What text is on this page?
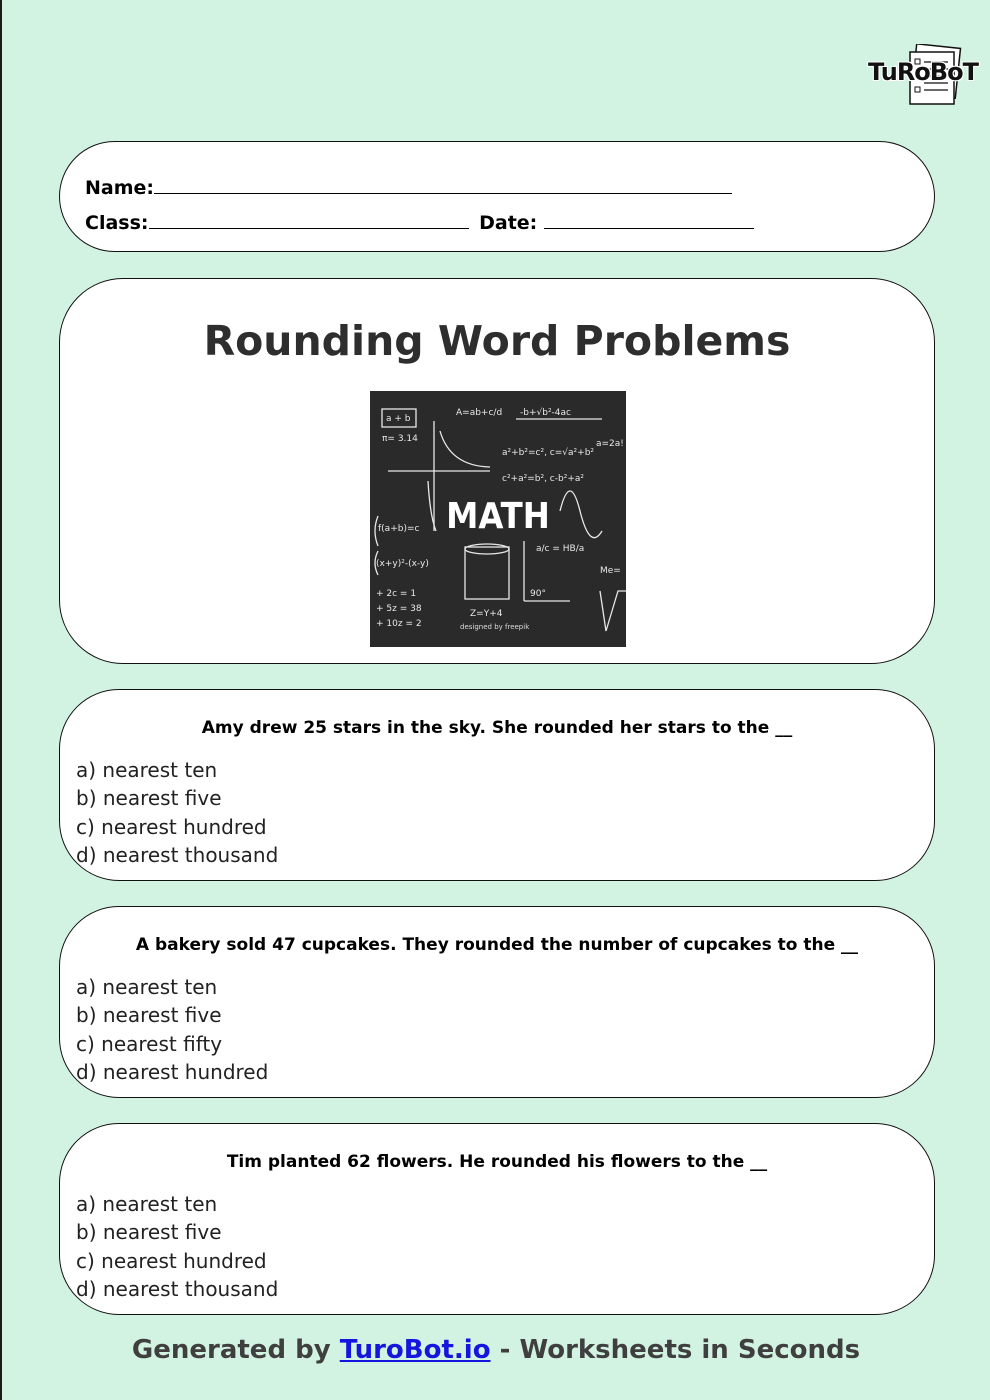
TuRoBoT
Name:
Class:	Date:
Rounding Word Problems
a + b
A=ab+c/d -b+√b²-4ac
π= 3.14
a²+b²=c², c=√a²+b²
c²+a²=b², c-b²+a²
f(a+b)=c
(x+y)²-(x-y)
+ 2c = 1
+ 5z = 38
+ 10z = 2
Z=Y+4
a/c = HB/a
Me=
90°
a=2a!
MATH
designed by freepik
Amy drew 25 stars in the sky. She rounded her stars to the __
a) nearest ten
b) nearest five
c) nearest hundred
d) nearest thousand
A bakery sold 47 cupcakes. They rounded the number of cupcakes to the __
a) nearest ten
b) nearest five
c) nearest fifty
d) nearest hundred
Tim planted 62 flowers. He rounded his flowers to the __
a) nearest ten
b) nearest five
c) nearest hundred
d) nearest thousand
Generated by TuroBot.io - Worksheets in Seconds
